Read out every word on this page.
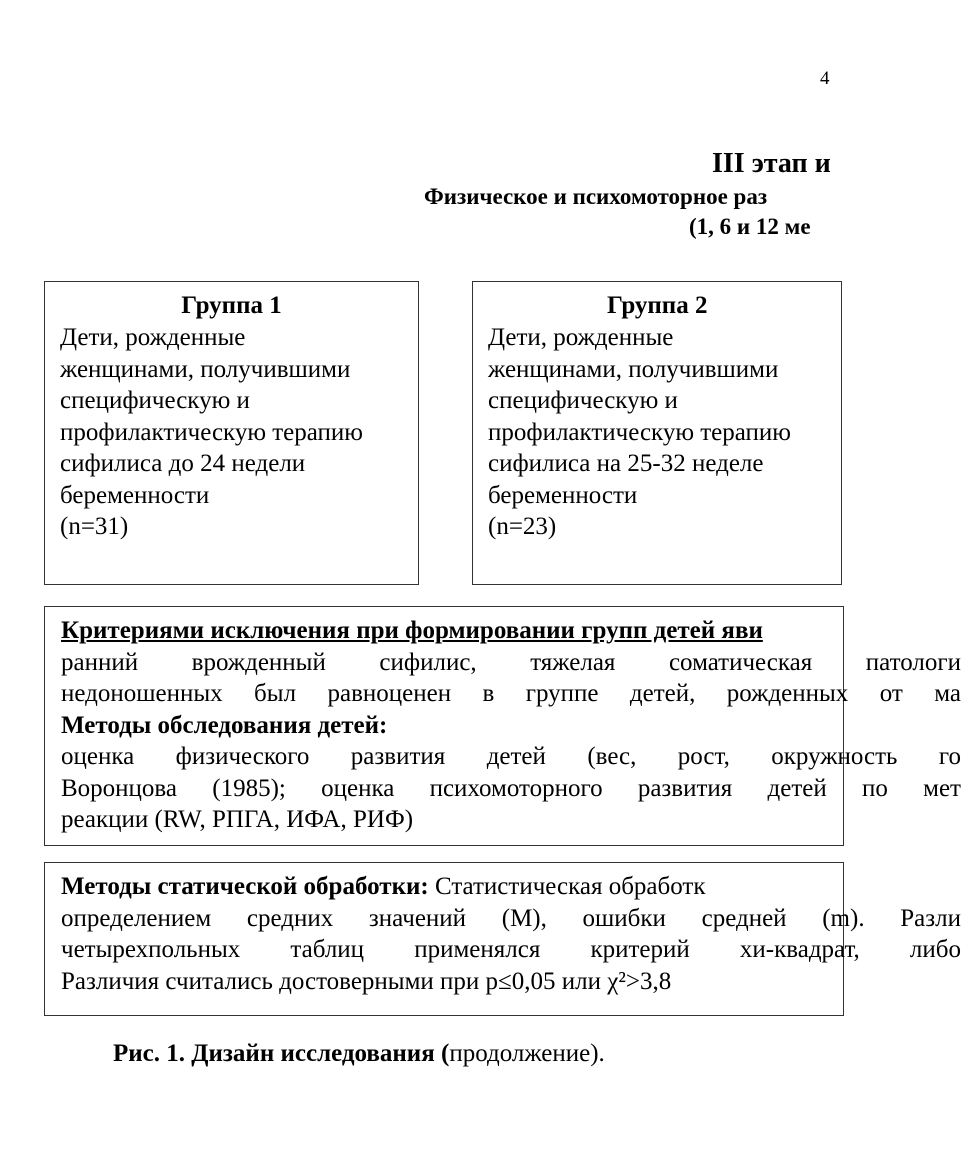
4
III этап и
Физическое и психомоторное раз
(1, 6 и 12 ме
Группа 1
Дети, рожденные
женщинами, получившими
специфическую и
профилактическую терапию
сифилиса до 24 недели
беременности
(n=31)
Группа 2
Дети, рожденные
женщинами, получившими
специфическую и
профилактическую терапию
сифилиса на 25-32 неделе
беременности
(n=23)
Критериями исключения при формировании групп детей яви
ранний врожденный сифилис, тяжелая соматическая патологи
недоношенных был равноценен в группе детей, рожденных от ма
Методы обследования детей:
оценка физического развития детей (вес, рост, окружность го
Воронцова (1985); оценка психомоторного развития детей по мет
реакции (RW, РПГА, ИФА, РИФ)
Методы статической обработки: Статистическая обработк
определением средних значений (М), ошибки средней (m). Разли
четырехпольных таблиц применялся критерий хи-квадрат, либо
Различия считались достоверными при p≤0,05 или χ²>3,8
Рис. 1. Дизайн исследования (продолжение).
